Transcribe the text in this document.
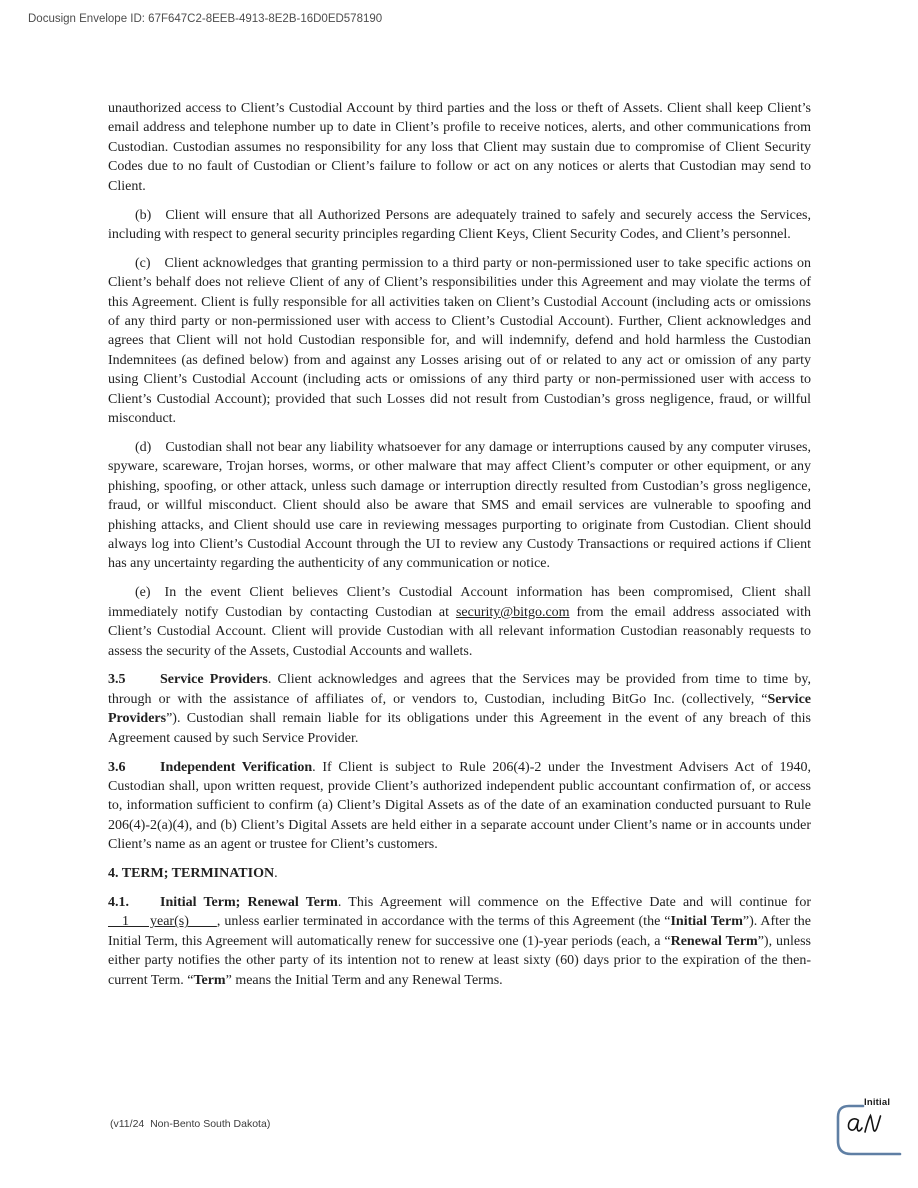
Docusign Envelope ID: 67F647C2-8EEB-4913-8E2B-16D0ED578190

unauthorized access to Client’s Custodial Account by third parties and the loss or theft of Assets. Client shall keep Client’s email address and telephone number up to date in Client’s profile to receive notices, alerts, and other communications from Custodian. Custodian assumes no responsibility for any loss that Client may sustain due to compromise of Client Security Codes due to no fault of Custodian or Client’s failure to follow or act on any notices or alerts that Custodian may send to Client.

(b) Client will ensure that all Authorized Persons are adequately trained to safely and securely access the Services, including with respect to general security principles regarding Client Keys, Client Security Codes, and Client’s personnel.

(c) Client acknowledges that granting permission to a third party or non-permissioned user to take specific actions on Client’s behalf does not relieve Client of any of Client’s responsibilities under this Agreement and may violate the terms of this Agreement. Client is fully responsible for all activities taken on Client’s Custodial Account (including acts or omissions of any third party or non-permissioned user with access to Client’s Custodial Account). Further, Client acknowledges and agrees that Client will not hold Custodian responsible for, and will indemnify, defend and hold harmless the Custodian Indemnitees (as defined below) from and against any Losses arising out of or related to any act or omission of any party using Client’s Custodial Account (including acts or omissions of any third party or non-permissioned user with access to Client’s Custodial Account); provided that such Losses did not result from Custodian’s gross negligence, fraud, or willful misconduct.

(d) Custodian shall not bear any liability whatsoever for any damage or interruptions caused by any computer viruses, spyware, scareware, Trojan horses, worms, or other malware that may affect Client’s computer or other equipment, or any phishing, spoofing, or other attack, unless such damage or interruption directly resulted from Custodian’s gross negligence, fraud, or willful misconduct. Client should also be aware that SMS and email services are vulnerable to spoofing and phishing attacks, and Client should use care in reviewing messages purporting to originate from Custodian. Client should always log into Client’s Custodial Account through the UI to review any Custody Transactions or required actions if Client has any uncertainty regarding the authenticity of any communication or notice.

(e) In the event Client believes Client’s Custodial Account information has been compromised, Client shall immediately notify Custodian by contacting Custodian at security@bitgo.com from the email address associated with Client’s Custodial Account. Client will provide Custodian with all relevant information Custodian reasonably requests to assess the security of the Assets, Custodial Accounts and wallets.

3.5 Service Providers. Client acknowledges and agrees that the Services may be provided from time to time by, through or with the assistance of affiliates of, or vendors to, Custodian, including BitGo Inc. (collectively, “Service Providers”). Custodian shall remain liable for its obligations under this Agreement in the event of any breach of this Agreement caused by such Service Provider.

3.6 Independent Verification. If Client is subject to Rule 206(4)-2 under the Investment Advisers Act of 1940, Custodian shall, upon written request, provide Client’s authorized independent public accountant confirmation of, or access to, information sufficient to confirm (a) Client’s Digital Assets as of the date of an examination conducted pursuant to Rule 206(4)-2(a)(4), and (b) Client’s Digital Assets are held either in a separate account under Client’s name or in accounts under Client’s name as an agent or trustee for Client’s customers.

4. TERM; TERMINATION.

4.1. Initial Term; Renewal Term. This Agreement will commence on the Effective Date and will continue for   1  year(s)   , unless earlier terminated in accordance with the terms of this Agreement (the “Initial Term”). After the Initial Term, this Agreement will automatically renew for successive one (1)-year periods (each, a “Renewal Term”), unless either party notifies the other party of its intention not to renew at least sixty (60) days prior to the expiration of the then-current Term. “Term” means the Initial Term and any Renewal Terms.

(v11/24  Non-Bento South Dakota)
Initial
